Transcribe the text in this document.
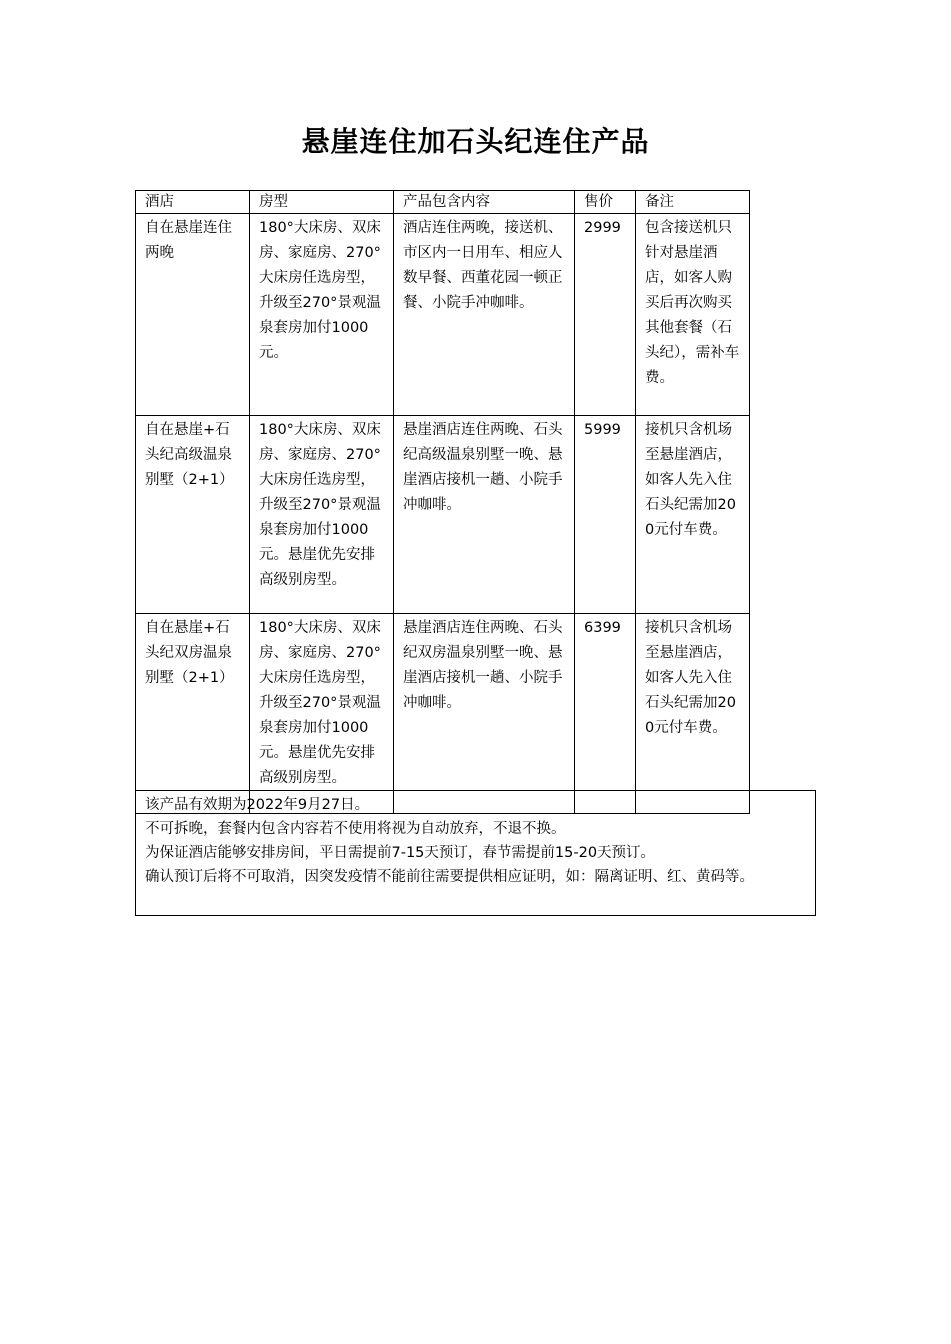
悬崖连住加石头纪连住产品
酒店	房型	产品包含内容	售价	备注
自在悬崖连住两晚	180°大床房、双床房、家庭房、270°大床房任选房型，升级至270°景观温泉套房加付1000元。	酒店连住两晚，接送机、市区内一日用车、相应人数早餐、西董花园一顿正餐、小院手冲咖啡。	2999	包含接送机只针对悬崖酒店，如客人购买后再次购买其他套餐（石头纪），需补车费。
自在悬崖+石头纪高级温泉别墅（2+1）	180°大床房、双床房、家庭房、270°大床房任选房型，升级至270°景观温泉套房加付1000元。悬崖优先安排高级别房型。	悬崖酒店连住两晚、石头纪高级温泉别墅一晚、悬崖酒店接机一趟、小院手冲咖啡。	5999	接机只含机场至悬崖酒店，如客人先入住石头纪需加200元付车费。
自在悬崖+石头纪双房温泉别墅（2+1）	180°大床房、双床房、家庭房、270°大床房任选房型，升级至270°景观温泉套房加付1000元。悬崖优先安排高级别房型。	悬崖酒店连住两晚、石头纪双房温泉别墅一晚、悬崖酒店接机一趟、小院手冲咖啡。	6399	接机只含机场至悬崖酒店，如客人先入住石头纪需加200元付车费。
该产品有效期为2022年9月27日。
不可拆晚，套餐内包含内容若不使用将视为自动放弃，不退不换。
为保证酒店能够安排房间，平日需提前7-15天预订，春节需提前15-20天预订。
确认预订后将不可取消，因突发疫情不能前往需要提供相应证明，如：隔离证明、红、黄码等。
